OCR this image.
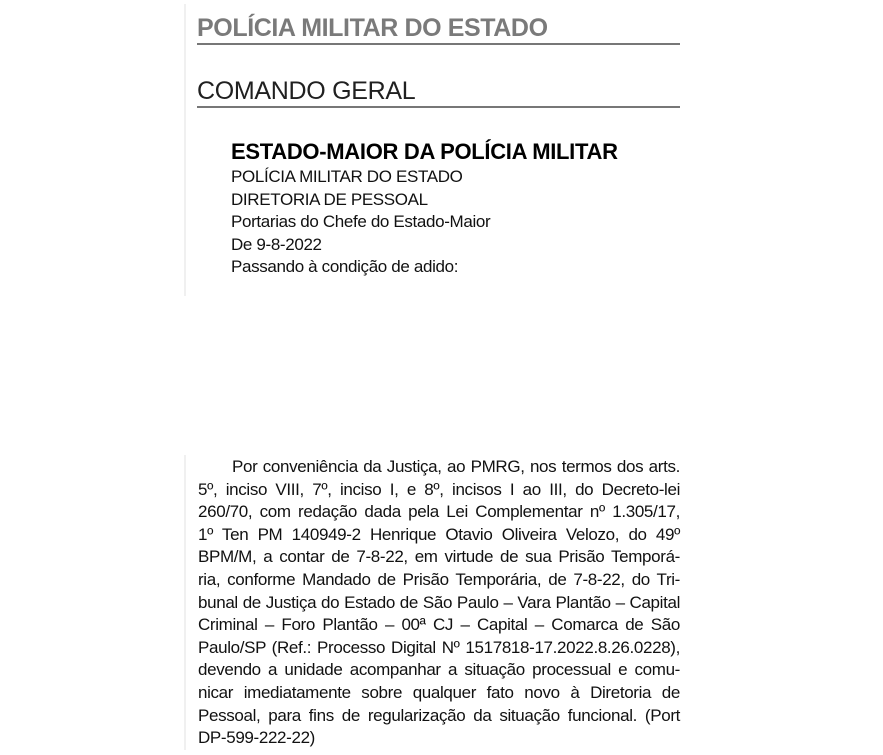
POLÍCIA MILITAR DO ESTADO
COMANDO GERAL
ESTADO-MAIOR DA POLÍCIA MILITAR
POLÍCIA MILITAR DO ESTADO
DIRETORIA DE PESSOAL
Portarias do Chefe do Estado-Maior
De 9-8-2022
Passando à condição de adido:
Por conveniência da Justiça, ao PMRG, nos termos dos arts.
5º, inciso VIII, 7º, inciso I, e 8º, incisos I ao III, do Decreto-lei
260/70, com redação dada pela Lei Complementar nº 1.305/17,
1º Ten PM 140949-2 Henrique Otavio Oliveira Velozo, do 49º
BPM/M, a contar de 7-8-22, em virtude de sua Prisão Temporá-
ria, conforme Mandado de Prisão Temporária, de 7-8-22, do Tri-
bunal de Justiça do Estado de São Paulo – Vara Plantão – Capital
Criminal – Foro Plantão – 00ª CJ – Capital – Comarca de São
Paulo/SP (Ref.: Processo Digital Nº 1517818-17.2022.8.26.0228),
devendo a unidade acompanhar a situação processual e comu-
nicar imediatamente sobre qualquer fato novo à Diretoria de
Pessoal, para fins de regularização da situação funcional. (Port
DP-599-222-22)
